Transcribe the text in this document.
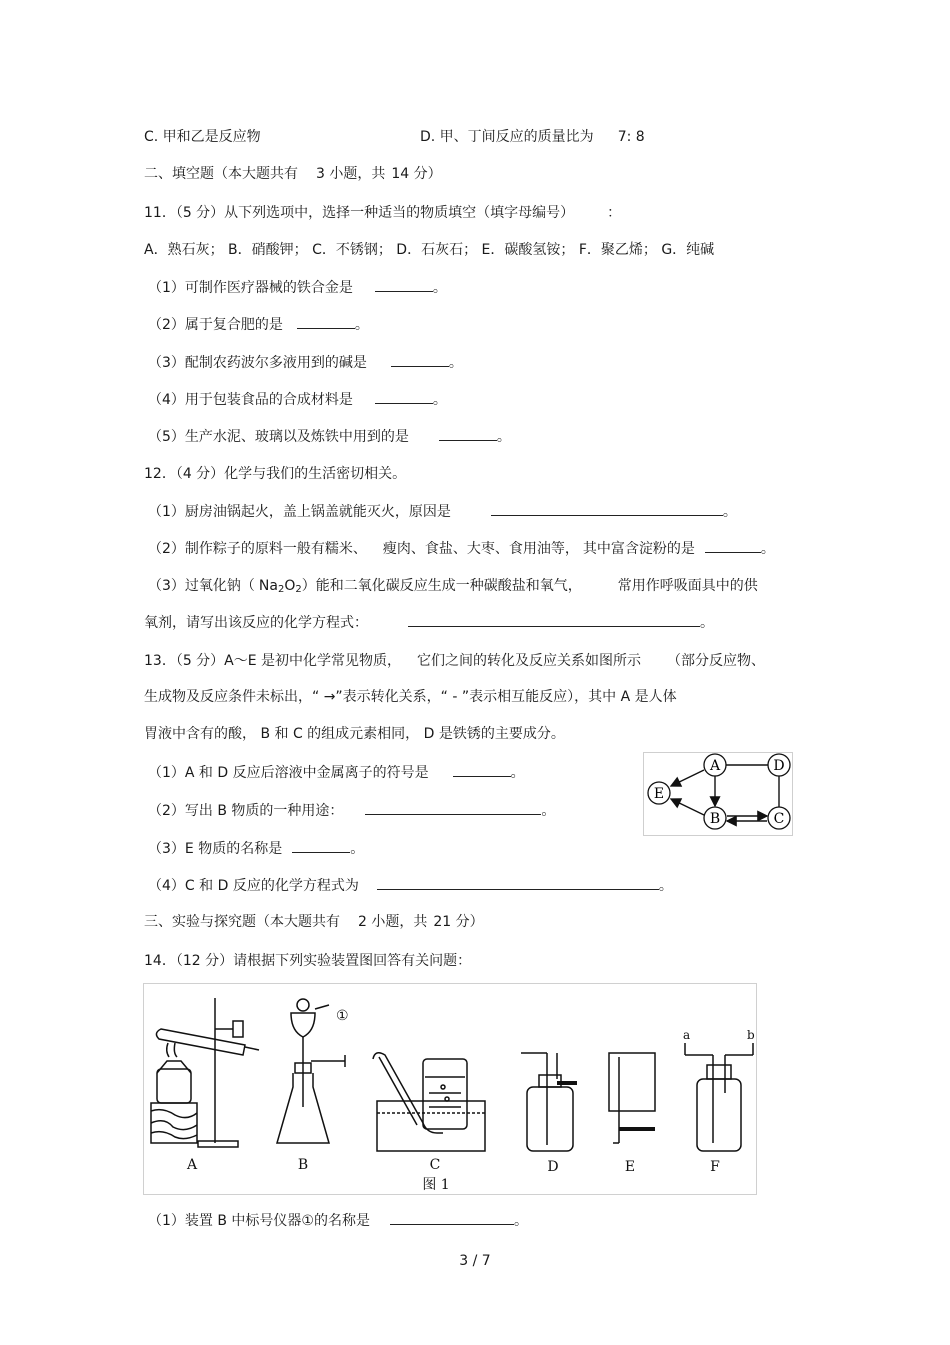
C. 甲和乙是反应物	D. 甲、丁间反应的质量比为 7: 8
二、填空题（本大题共有 3 小题，共 14 分）
11．（5 分）从下列选项中，选择一种适当的物质填空（填字母编号）	：
A．熟石灰； B．硝酸钾； C．不锈钢； D．石灰石； E．碳酸氢铵； F．聚乙烯； G．纯碱
（1）可制作医疗器械的铁合金是	。
（2）属于复合肥的是	。
（3）配制农药波尔多液用到的碱是	。
（4）用于包装食品的合成材料是	。
（5）生产水泥、玻璃以及炼铁中用到的是	。
12．（4 分）化学与我们的生活密切相关。
（1）厨房油锅起火，盖上锅盖就能灭火，原因是	。
（2）制作粽子的原料一般有糯米、 瘦肉、食盐、大枣、食用油等， 其中富含淀粉的是	。
（3）过氧化钠（ $Na_2O_2$）能和二氧化碳反应生成一种碳酸盐和氧气，	常用作呼吸面具中的供
氧剂，请写出该反应的化学方程式：	。
13．（5 分）A～E 是初中化学常见物质， 它们之间的转化及反应关系如图所示 （部分反应物、
生成物及反应条件未标出，“ →”表示转化关系，“ - ”表示相互能反应），其中 A 是人体
胃液中含有的酸， B 和 C 的组成元素相同， D 是铁锈的主要成分。
（1）A 和 D 反应后溶液中金属离子的符号是	。
（2）写出 B 物质的一种用途：	。
（3）E 物质的名称是	。
（4）C 和 D 反应的化学方程式为	。
A	D
E
B	C
三、实验与探究题（本大题共有 2 小题，共 21 分）
14．（12 分）请根据下列实验装置图回答有关问题：
①
a	b
A	B	C	D	E	F
图 1
（1）装置 B 中标号仪器①的名称是	。
3 / 7
